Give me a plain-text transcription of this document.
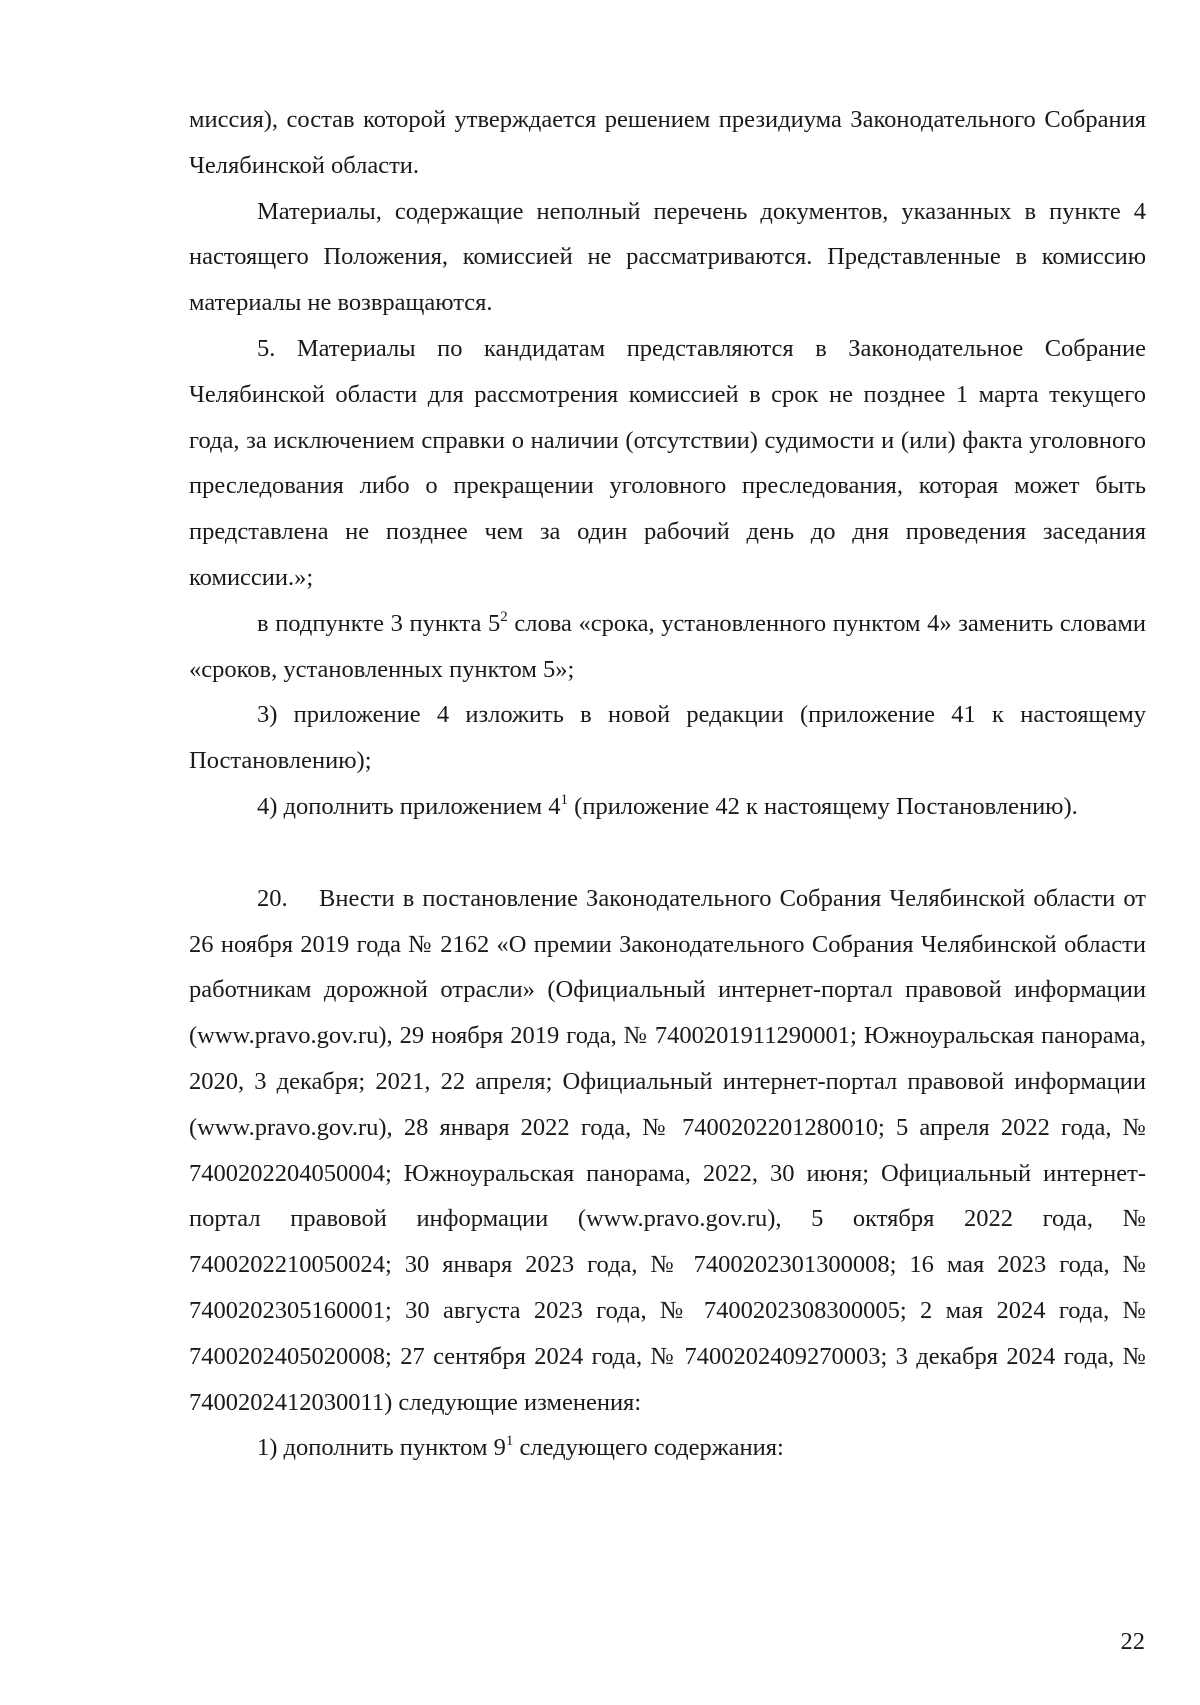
миссия), состав которой утверждается решением президиума Законодательного Собрания Челябинской области.

Материалы, содержащие неполный перечень документов, указанных в пункте 4 настоящего Положения, комиссией не рассматриваются. Представленные в комиссию материалы не возвращаются.

5. Материалы по кандидатам представляются в Законодательное Собрание Челябинской области для рассмотрения комиссией в срок не позднее 1 марта текущего года, за исключением справки о наличии (отсутствии) судимости и (или) факта уголовного преследования либо о прекращении уголовного преследования, которая может быть представлена не позднее чем за один рабочий день до дня проведения заседания комиссии.»;

в подпункте 3 пункта $5^2$ слова «срока, установленного пунктом 4» заменить словами «сроков, установленных пунктом 5»;

3) приложение 4 изложить в новой редакции (приложение 41 к настоящему Постановлению);

4) дополнить приложением $4^1$ (приложение 42 к настоящему Постановлению).

20. Внести в постановление Законодательного Собрания Челябинской области от 26 ноября 2019 года № 2162 «О премии Законодательного Собрания Челябинской области работникам дорожной отрасли» (Официальный интернет-портал правовой информации (www.pravo.gov.ru), 29 ноября 2019 года, № 7400201911290001; Южноуральская панорама, 2020, 3 декабря; 2021, 22 апреля; Официальный интернет-портал правовой информации (www.pravo.gov.ru), 28 января 2022 года, № 7400202201280010; 5 апреля 2022 года, № 7400202204050004; Южноуральская панорама, 2022, 30 июня; Официальный интернет-портал правовой информации (www.pravo.gov.ru), 5 октября 2022 года, № 7400202210050024; 30 января 2023 года, № 7400202301300008; 16 мая 2023 года, № 7400202305160001; 30 августа 2023 года, № 7400202308300005; 2 мая 2024 года, № 7400202405020008; 27 сентября 2024 года, № 7400202409270003; 3 декабря 2024 года, № 7400202412030011) следующие изменения:

1) дополнить пунктом $9^1$ следующего содержания:

22
